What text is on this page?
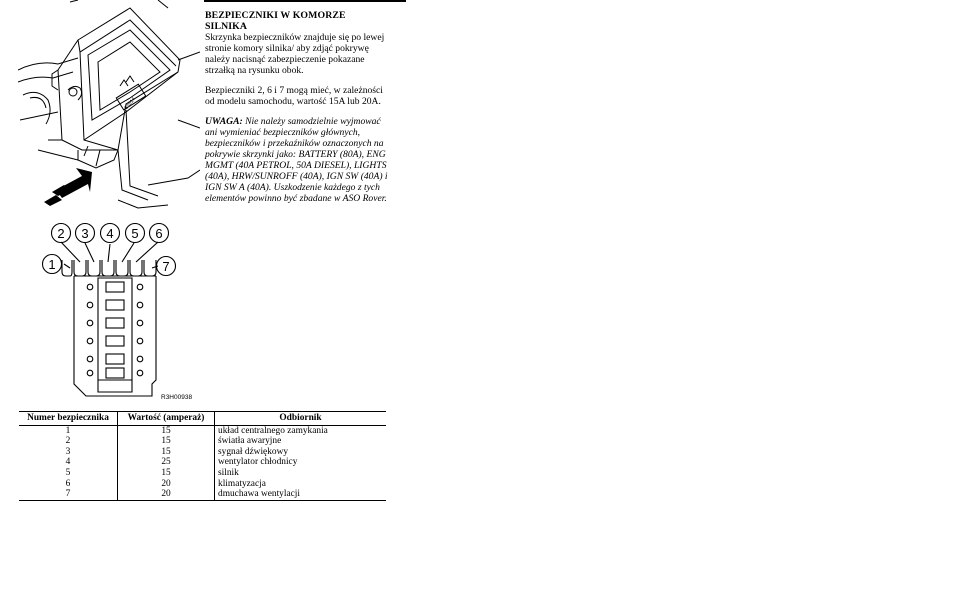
33514
2 3 4 5 6
1	7
R3H00938
BEZPIECZNIKI W KOMORZE SILNIKA

Skrzynka bezpieczników znajduje się po lewej stronie komory silnika/ aby zdjąć pokrywę należy nacisnąć zabezpieczenie pokazane strzałką na rysunku obok.

Bezpieczniki 2, 6 i 7 mogą mieć, w zależności od modelu samochodu, wartość 15A lub 20A.

UWAGA: Nie należy samodzielnie wyjmować ani wymieniać bezpieczników głównych, bezpieczników i przekaźników oznaczonych na pokrywie skrzynki jako: BATTERY (80A), ENG MGMT (40A PETROL, 50A DIESEL), LIGHTS (40A), HRW/SUNROFF (40A), IGN SW (40A) i IGN SW A (40A). Uszkodzenie każdego z tych elementów powinno być zbadane w ASO Rover.

Numer bezpiecznika	Wartość (amperaż)	Odbiornik
1	15	układ centralnego zamykania
2	15	światła awaryjne
3	15	sygnał dźwiękowy
4	25	wentylator chłodnicy
5	15	silnik
6	20	klimatyzacja
7	20	dmuchawa wentylacji
